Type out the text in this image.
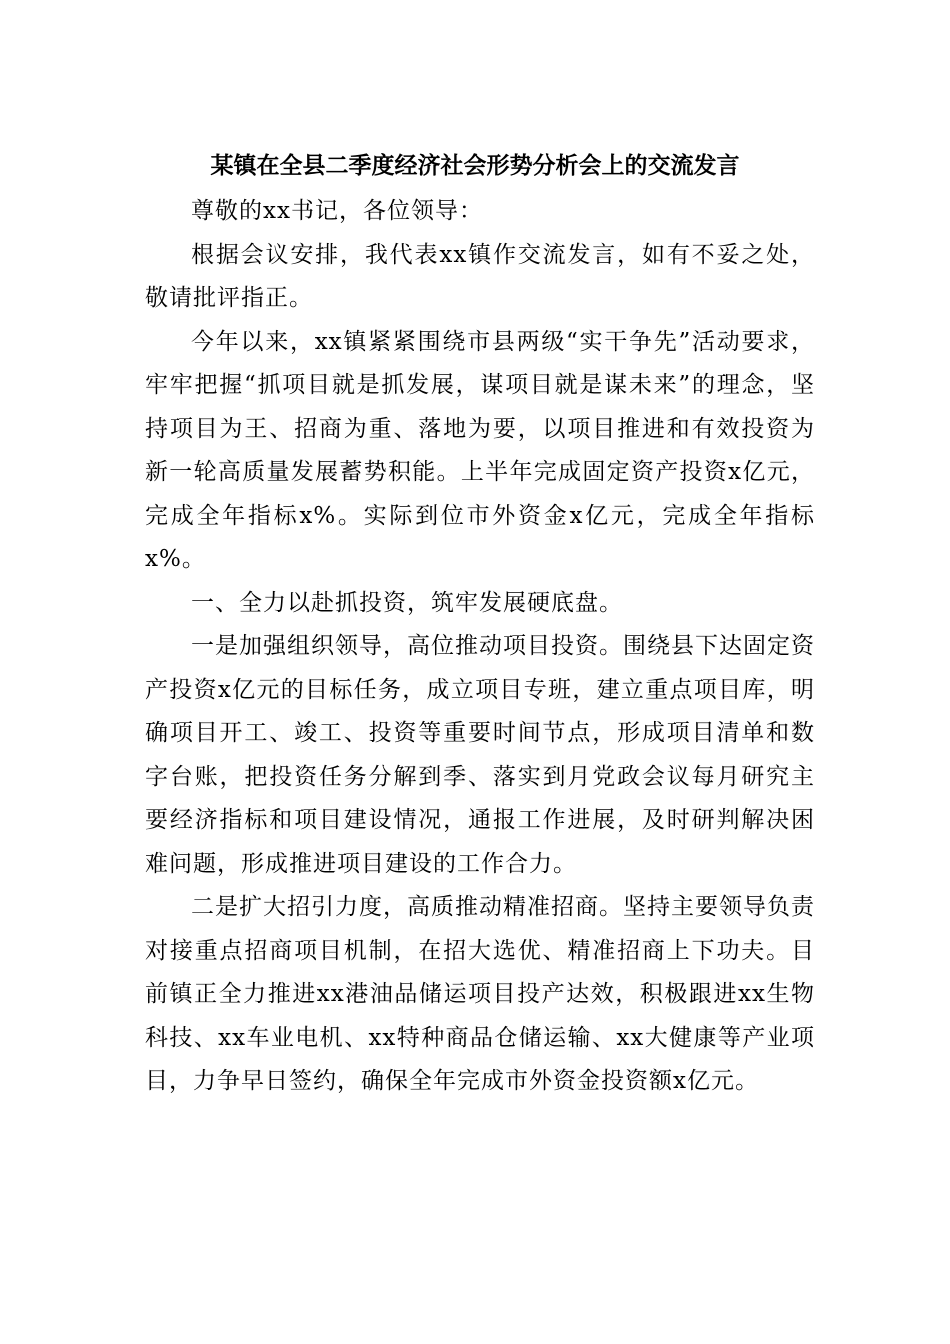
某镇在全县二季度经济社会形势分析会上的交流发言

尊敬的xx书记，各位领导：

根据会议安排，我代表xx镇作交流发言，如有不妥之处，敬请批评指正。

今年以来，xx镇紧紧围绕市县两级“实干争先”活动要求，牢牢把握“抓项目就是抓发展，谋项目就是谋未来”的理念，坚持项目为王、招商为重、落地为要，以项目推进和有效投资为新一轮高质量发展蓄势积能。上半年完成固定资产投资x亿元，完成全年指标x%。实际到位市外资金x亿元，完成全年指标x%。

一、全力以赴抓投资，筑牢发展硬底盘。

一是加强组织领导，高位推动项目投资。围绕县下达固定资产投资x亿元的目标任务，成立项目专班，建立重点项目库，明确项目开工、竣工、投资等重要时间节点，形成项目清单和数字台账，把投资任务分解到季、落实到月党政会议每月研究主要经济指标和项目建设情况，通报工作进展，及时研判解决困难问题，形成推进项目建设的工作合力。

二是扩大招引力度，高质推动精准招商。坚持主要领导负责对接重点招商项目机制，在招大选优、精准招商上下功夫。目前镇正全力推进xx港油品储运项目投产达效，积极跟进xx生物科技、xx车业电机、xx特种商品仓储运输、xx大健康等产业项目，力争早日签约，确保全年完成市外资金投资额x亿元。
